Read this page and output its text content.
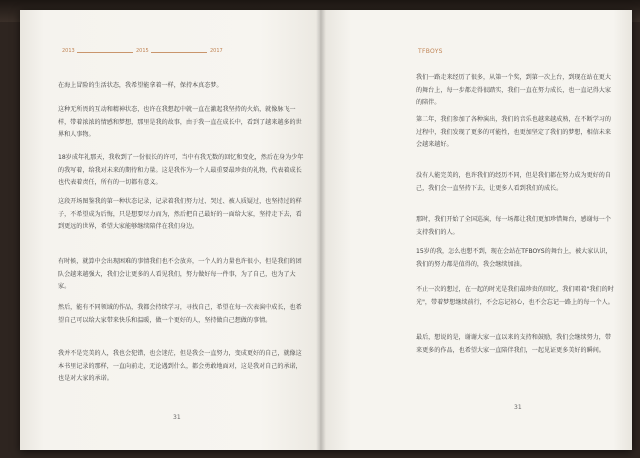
2013	2015	2017

在海上冒险的生活状态，我希望能拿着一样，保持本真态梦。

这种无所畏的互动和精神状态，也许在我想起中就一直在激起我坚持的火焰，就像脉飞一样，带着浓浓的情感和梦想，那里是我的故事，由于我一直在成长中，看到了越来越多的世界和人事物。

18岁成年礼那天，我收到了一份很长的许可，当中有我无数的回忆和变化，然后在身为少年的我写着，给我对未来的期待和力量。这是我作为一个人最重要最珍贵的礼物，代表着成长也代表着责任，所有的一切都有意义。

这段开场图鉴我的第一种状态记录，记录着我们努力过、哭过、被人质疑过，也坚持过的样子，不希望成为后悔，只是想要尽力而为，然后把自己最好的一面给大家，坚持走下去，看到更远的世界，希望大家能够继续陪伴在我们身边。

有时候，就算中会出现困难的事情我们也不会放弃，一个人的力量也许很小，但是我们的团队会越来越强大，我们会让更多的人看见我们，努力做好每一件事，为了自己，也为了大家。

然后，能有不同领域的作品，我都会持续学习，寻找自己，希望在每一次表演中成长，也希望自己可以给大家带来快乐和温暖，做一个更好的人，坚持做自己想做的事情。

我并不是完美的人，我也会犯错，也会迷茫，但是我会一直努力，变成更好的自己，就像这本书里记录的那样，一直向前走，无论遇到什么，都会勇敢地面对，这是我对自己的承诺，也是对大家的承诺。

31
TFBOYS

我们一路走来经历了很多，从第一个奖，到第一次上台，到现在站在更大的舞台上，每一步都走得很踏实，我们一直在努力成长，也一直记得大家的陪伴。

第二年，我们参加了各种演出，我们的音乐也越来越成熟，在不断学习的过程中，我们发现了更多的可能性，也更加坚定了我们的梦想，相信未来会越来越好。

没有人能完美的，也许我们的经历不同，但是我们都在努力成为更好的自己，我们会一直坚持下去，让更多人看到我们的成长。

那时，我们开始了全国巡演，每一场都让我们更加珍惜舞台，感谢每一个支持我们的人。

15岁的我，怎么也想不到，现在会站在TFBOYS的舞台上，被大家认识，我们的努力都是值得的，我会继续加油。

不止一次的想过，在一起的时光是我们最珍贵的回忆，我们唱着"我们的时光"，带着梦想继续前行，不会忘记初心，也不会忘记一路上的每一个人。

最后，想说的是，谢谢大家一直以来的支持和鼓励，我们会继续努力，带来更多的作品，也希望大家一直陪伴我们，一起见证更多美好的瞬间。

31
